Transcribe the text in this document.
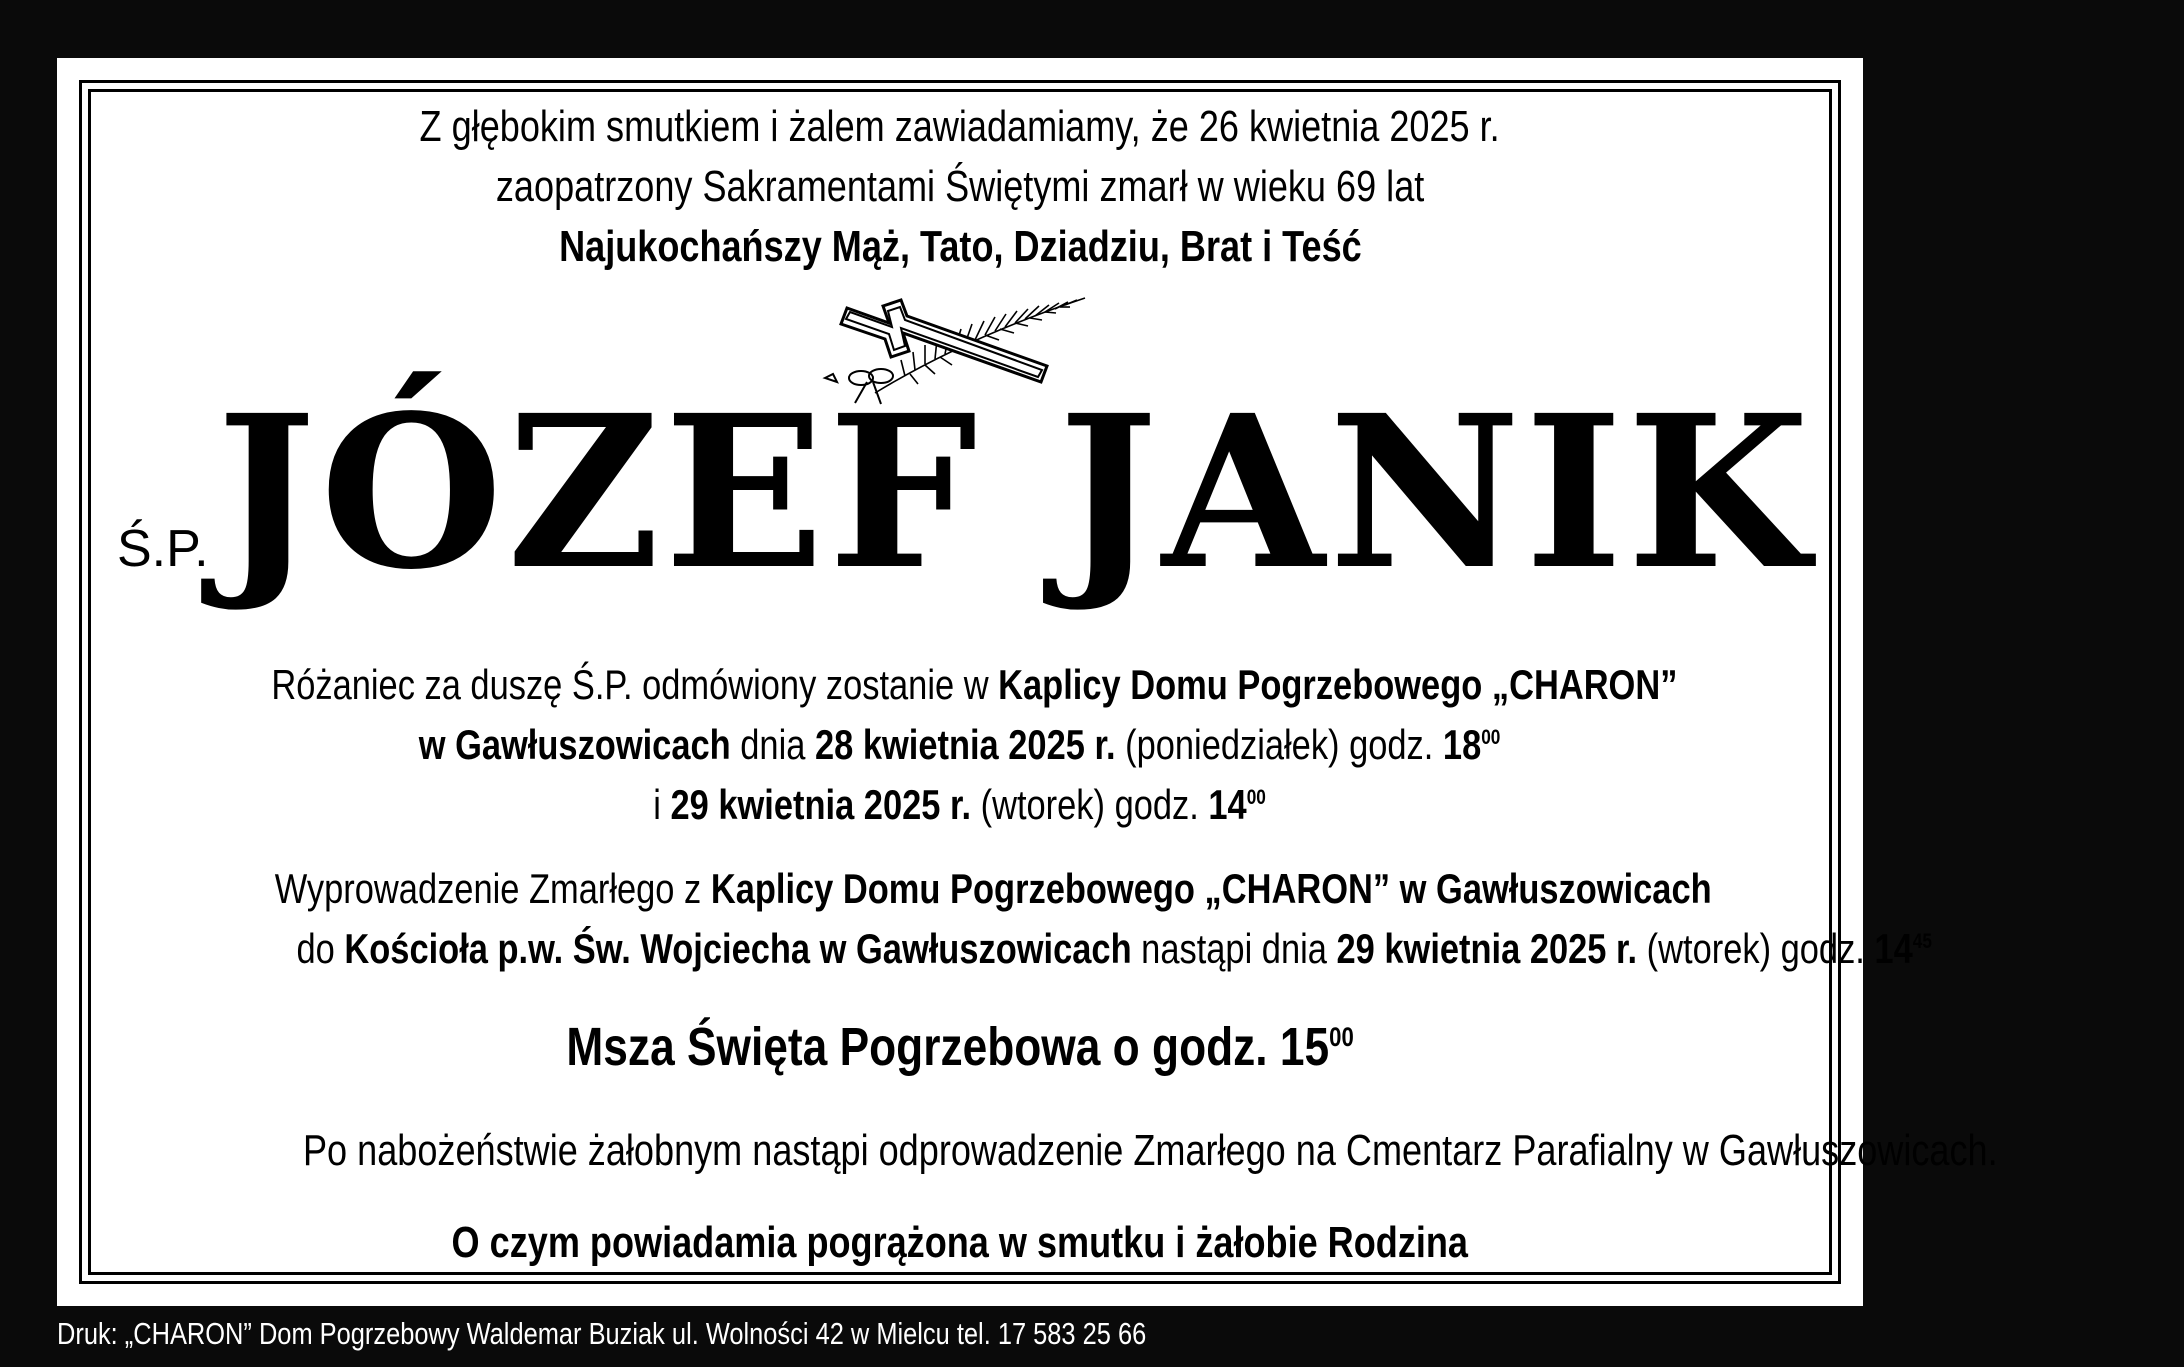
Z głębokim smutkiem i żalem zawiadamiamy, że 26 kwietnia 2025 r.
zaopatrzony Sakramentami Świętymi zmarł w wieku 69 lat
Najukochańszy Mąż, Tato, Dziadziu, Brat i Teść
Ś.P.JÓZEF JANIK
Różaniec za duszę Ś.P. odmówiony zostanie w Kaplicy Domu Pogrzebowego „CHARON”
w Gawłuszowicach dnia 28 kwietnia 2025 r. (poniedziałek) godz. $18^{00}$
i 29 kwietnia 2025 r. (wtorek) godz. $14^{00}$
Wyprowadzenie Zmarłego z Kaplicy Domu Pogrzebowego „CHARON” w Gawłuszowicach
do Kościoła p.w. Św. Wojciecha w Gawłuszowicach nastąpi dnia 29 kwietnia 2025 r. (wtorek) godz. $14^{45}$
Msza Święta Pogrzebowa o godz. $15^{00}$
Po nabożeństwie żałobnym nastąpi odprowadzenie Zmarłego na Cmentarz Parafialny w Gawłuszowicach.
O czym powiadamia pogrążona w smutku i żałobie Rodzina
Druk: „CHARON” Dom Pogrzebowy Waldemar Buziak ul. Wolności 42 w Mielcu tel. 17 583 25 66
